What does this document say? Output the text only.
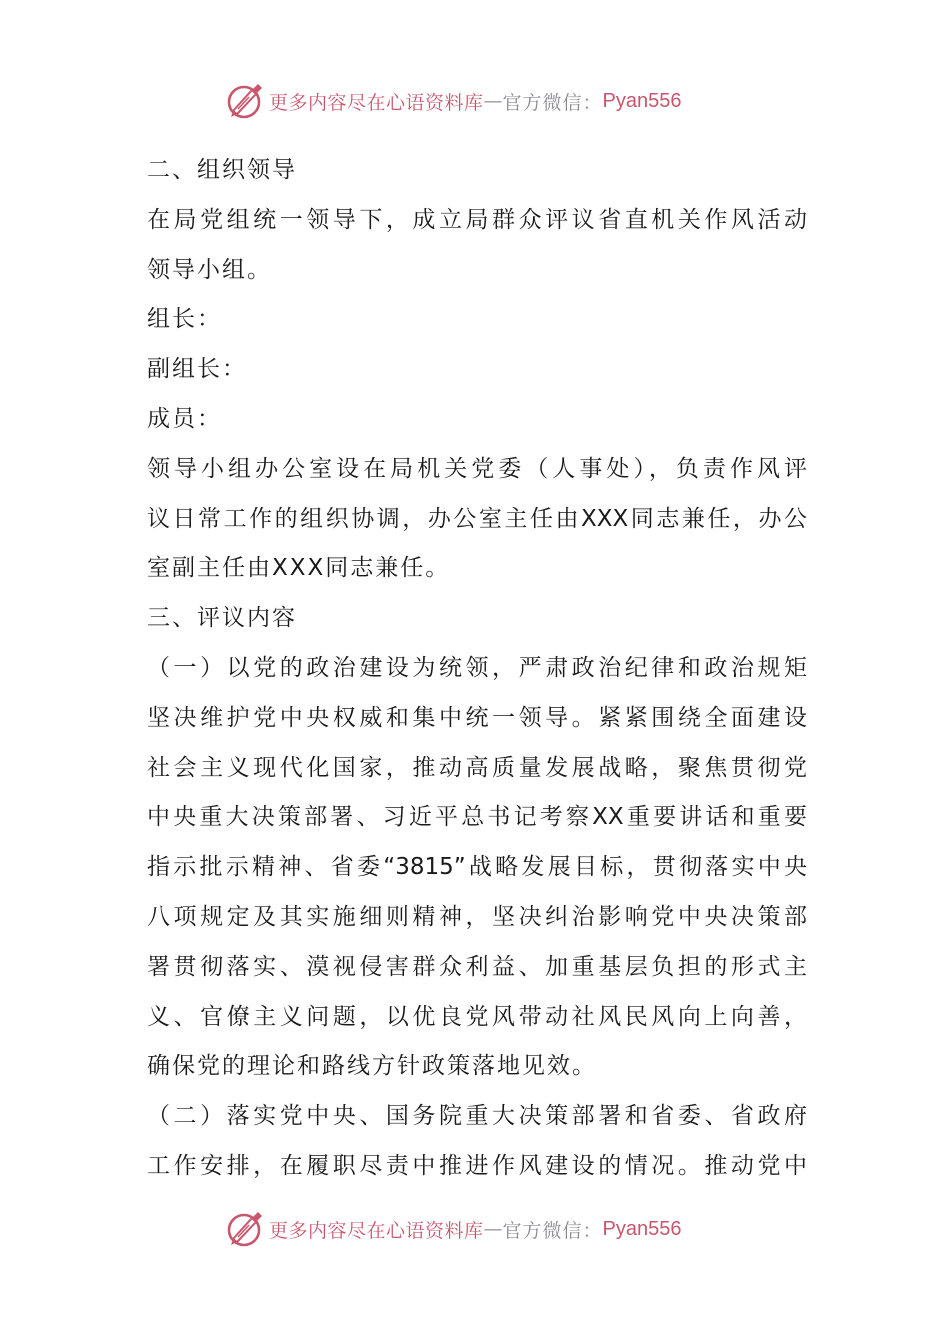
更多内容尽在心语资料库 — 官方微信： Pyan556
二、组织领导
在局党组统一领导下，成立局群众评议省直机关作风活动
领导小组。
组长：
副组长：
成员：
领导小组办公室设在局机关党委（人事处），负责作风评
议日常工作的组织协调，办公室主任由XXX同志兼任，办公
室副主任由XXX同志兼任。
三、评议内容
（一）以党的政治建设为统领，严肃政治纪律和政治规矩
坚决维护党中央权威和集中统一领导。紧紧围绕全面建设
社会主义现代化国家，推动高质量发展战略，聚焦贯彻党
中央重大决策部署、习近平总书记考察XX重要讲话和重要
指示批示精神、省委“3815”战略发展目标，贯彻落实中央
八项规定及其实施细则精神，坚决纠治影响党中央决策部
署贯彻落实、漠视侵害群众利益、加重基层负担的形式主
义、官僚主义问题，以优良党风带动社风民风向上向善，
确保党的理论和路线方针政策落地见效。
（二）落实党中央、国务院重大决策部署和省委、省政府
工作安排，在履职尽责中推进作风建设的情况。推动党中
更多内容尽在心语资料库 — 官方微信： Pyan556
